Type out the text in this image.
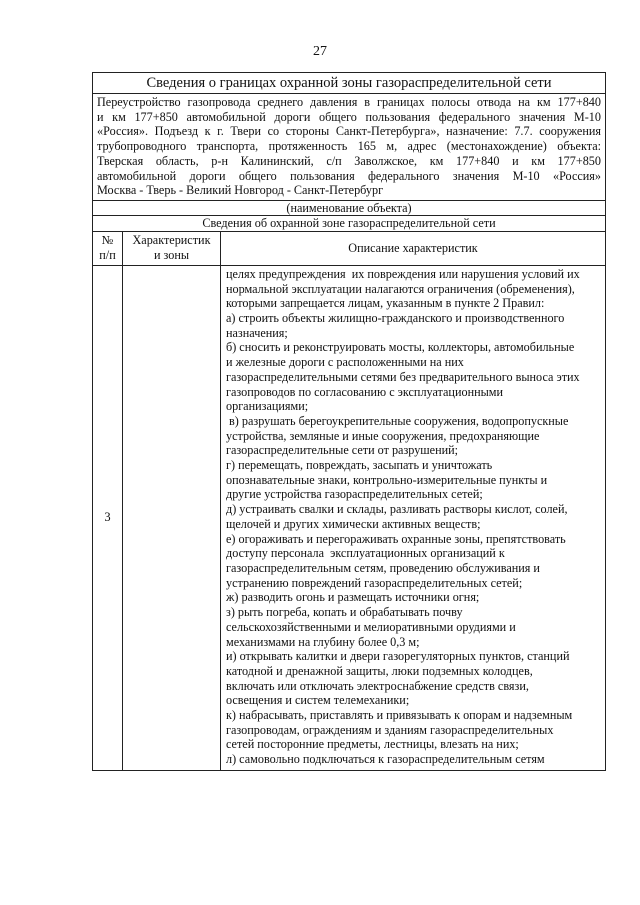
27
Сведения о границах охранной зоны газораспределительной сети
Переустройство газопровода среднего давления в границах полосы отвода на км 177+840
и км 177+850 автомобильной дороги общего пользования федерального значения М-10
«Россия». Подъезд к г. Твери со стороны Санкт-Петербурга», назначение: 7.7. сооружения
трубопроводного транспорта, протяженность 165 м, адрес (местонахождение) объекта:
Тверская область, р-н Калининский, с/п Заволжское, км 177+840 и км 177+850
автомобильной дороги общего пользования федерального значения М-10 «Россия»
Москва - Тверь - Великий Новгород - Санкт-Петербург
(наименование объекта)
Сведения об охранной зоне газораспределительной сети
№
п/п
Характеристик
и зоны	Описание характеристик
3
целях предупреждения  их повреждения или нарушения условий их
нормальной эксплуатации налагаются ограничения (обременения),
которыми запрещается лицам, указанным в пункте 2 Правил:
а) строить объекты жилищно-гражданского и производственного
назначения;
б) сносить и реконструировать мосты, коллекторы, автомобильные
и железные дороги с расположенными на них
газораспределительными сетями без предварительного выноса этих
газопроводов по согласованию с эксплуатационными
организациями;
в) разрушать берегоукрепительные сооружения, водопропускные
устройства, земляные и иные сооружения, предохраняющие
газораспределительные сети от разрушений;
г) перемещать, повреждать, засыпать и уничтожать
опознавательные знаки, контрольно-измерительные пункты и
другие устройства газораспределительных сетей;
д) устраивать свалки и склады, разливать растворы кислот, солей,
щелочей и других химически активных веществ;
е) огораживать и перегораживать охранные зоны, препятствовать
доступу персонала  эксплуатационных организаций к
газораспределительным сетям, проведению обслуживания и
устранению повреждений газораспределительных сетей;
ж) разводить огонь и размещать источники огня;
з) рыть погреба, копать и обрабатывать почву
сельскохозяйственными и мелиоративными орудиями и
механизмами на глубину более 0,3 м;
и) открывать калитки и двери газорегуляторных пунктов, станций
катодной и дренажной защиты, люки подземных колодцев,
включать или отключать электроснабжение средств связи,
освещения и систем телемеханики;
к) набрасывать, приставлять и привязывать к опорам и надземным
газопроводам, ограждениям и зданиям газораспределительных
сетей посторонние предметы, лестницы, влезать на них;
л) самовольно подключаться к газораспределительным сетям
